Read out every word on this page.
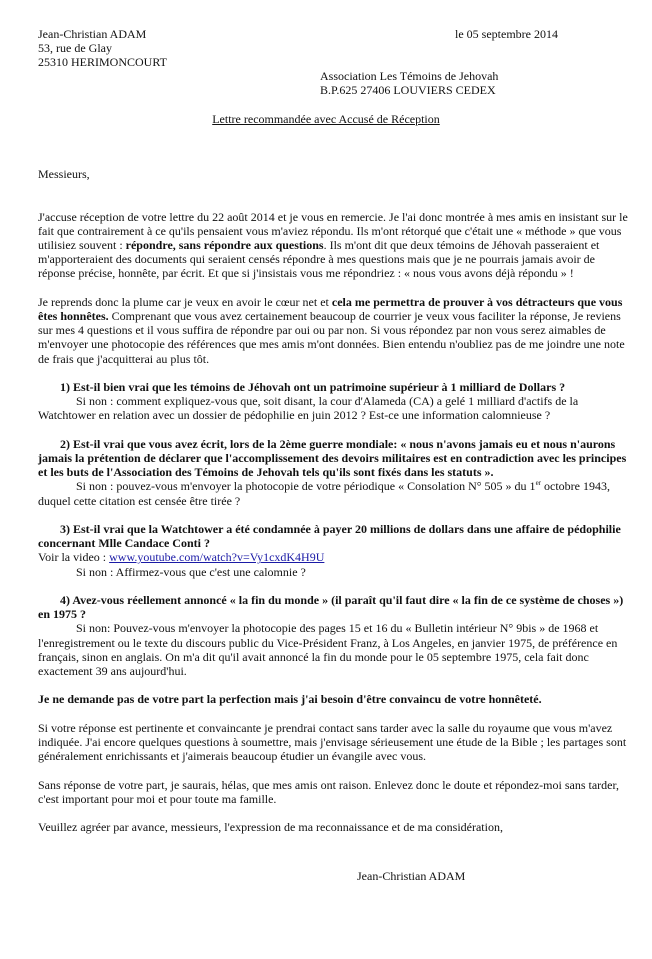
Jean-Christian ADAM
53, rue de Glay
25310 HERIMONCOURT
le 05 septembre 2014
Association Les Témoins de Jehovah
B.P.625 27406 LOUVIERS CEDEX
Lettre recommandée avec Accusé de Réception

Messieurs,

J'accuse réception de votre lettre du 22 août 2014 et je vous en remercie. Je l'ai donc montrée à mes amis en insistant sur le fait que contrairement à ce qu'ils pensaient vous m'aviez répondu. Ils m'ont rétorqué que c'était une « méthode » que vous utilisiez souvent : répondre, sans répondre aux questions. Ils m'ont dit que deux témoins de Jéhovah passeraient et m'apporteraient des documents qui seraient censés répondre à mes questions mais que je ne pourrais jamais avoir de réponse précise, honnête, par écrit. Et que si j'insistais vous me répondriez : « nous vous avons déjà répondu » !

Je reprends donc la plume car je veux en avoir le cœur net et cela me permettra de prouver à vos détracteurs que vous êtes honnêtes. Comprenant que vous avez certainement beaucoup de courrier je veux vous faciliter la réponse, Je reviens sur mes 4 questions et il vous suffira de répondre par oui ou par non. Si vous répondez par non vous serez aimables de m'envoyer une photocopie des références que mes amis m'ont données. Bien entendu n'oubliez pas de me joindre une note de frais que j'acquitterai au plus tôt.

1) Est-il bien vrai que les témoins de Jéhovah ont un patrimoine supérieur à 1 milliard de Dollars ?

Si non : comment expliquez-vous que, soit disant, la cour d'Alameda (CA) a gelé 1 milliard d'actifs de la

Watchtower en relation avec un dossier de pédophilie en juin 2012 ? Est-ce une information calomnieuse ?

2) Est-il vrai que vous avez écrit, lors de la 2ème guerre mondiale: « nous n'avons jamais eu et nous n'aurons jamais la prétention de déclarer que l'accomplissement des devoirs militaires est en contradiction avec les principes et les buts de l'Association des Témoins de Jehovah tels qu'ils sont fixés dans les statuts ».

Si non : pouvez-vous m'envoyer la photocopie de votre périodique « Consolation N° 505 » du 1er octobre 1943,

duquel cette citation est censée être tirée ?

3) Est-il vrai que la Watchtower a été condamnée à payer 20 millions de dollars dans une affaire de pédophilie concernant Mlle Candace Conti ?

Voir la video : www.youtube.com/watch?v=Vy1cxdK4H9U

Si non : Affirmez-vous que c'est une calomnie ?

4) Avez-vous réellement annoncé « la fin du monde » (il paraît qu'il faut dire « la fin de ce système de choses ») en 1975 ?

Si non: Pouvez-vous m'envoyer la photocopie des pages 15 et 16 du « Bulletin intérieur N° 9bis » de 1968 et

l'enregistrement ou le texte du discours public du Vice-Président Franz, à Los Angeles, en janvier 1975, de préférence en français, sinon en anglais. On m'a dit qu'il avait annoncé la fin du monde pour le 05 septembre 1975, cela fait donc exactement 39 ans aujourd'hui.

Je ne demande pas de votre part la perfection mais j'ai besoin d'être convaincu de votre honnêteté.

Si votre réponse est pertinente et convaincante je prendrai contact sans tarder avec la salle du royaume que vous m'avez indiquée. J'ai encore quelques questions à soumettre, mais j'envisage sérieusement une étude de la Bible ; les partages sont généralement enrichissants et j'aimerais beaucoup étudier un évangile avec vous.

Sans réponse de votre part, je saurais, hélas, que mes amis ont raison. Enlevez donc le doute et répondez-moi sans tarder, c'est important pour moi et pour toute ma famille.

Veuillez agréer par avance, messieurs, l'expression de ma reconnaissance et de ma considération,

Jean-Christian ADAM
